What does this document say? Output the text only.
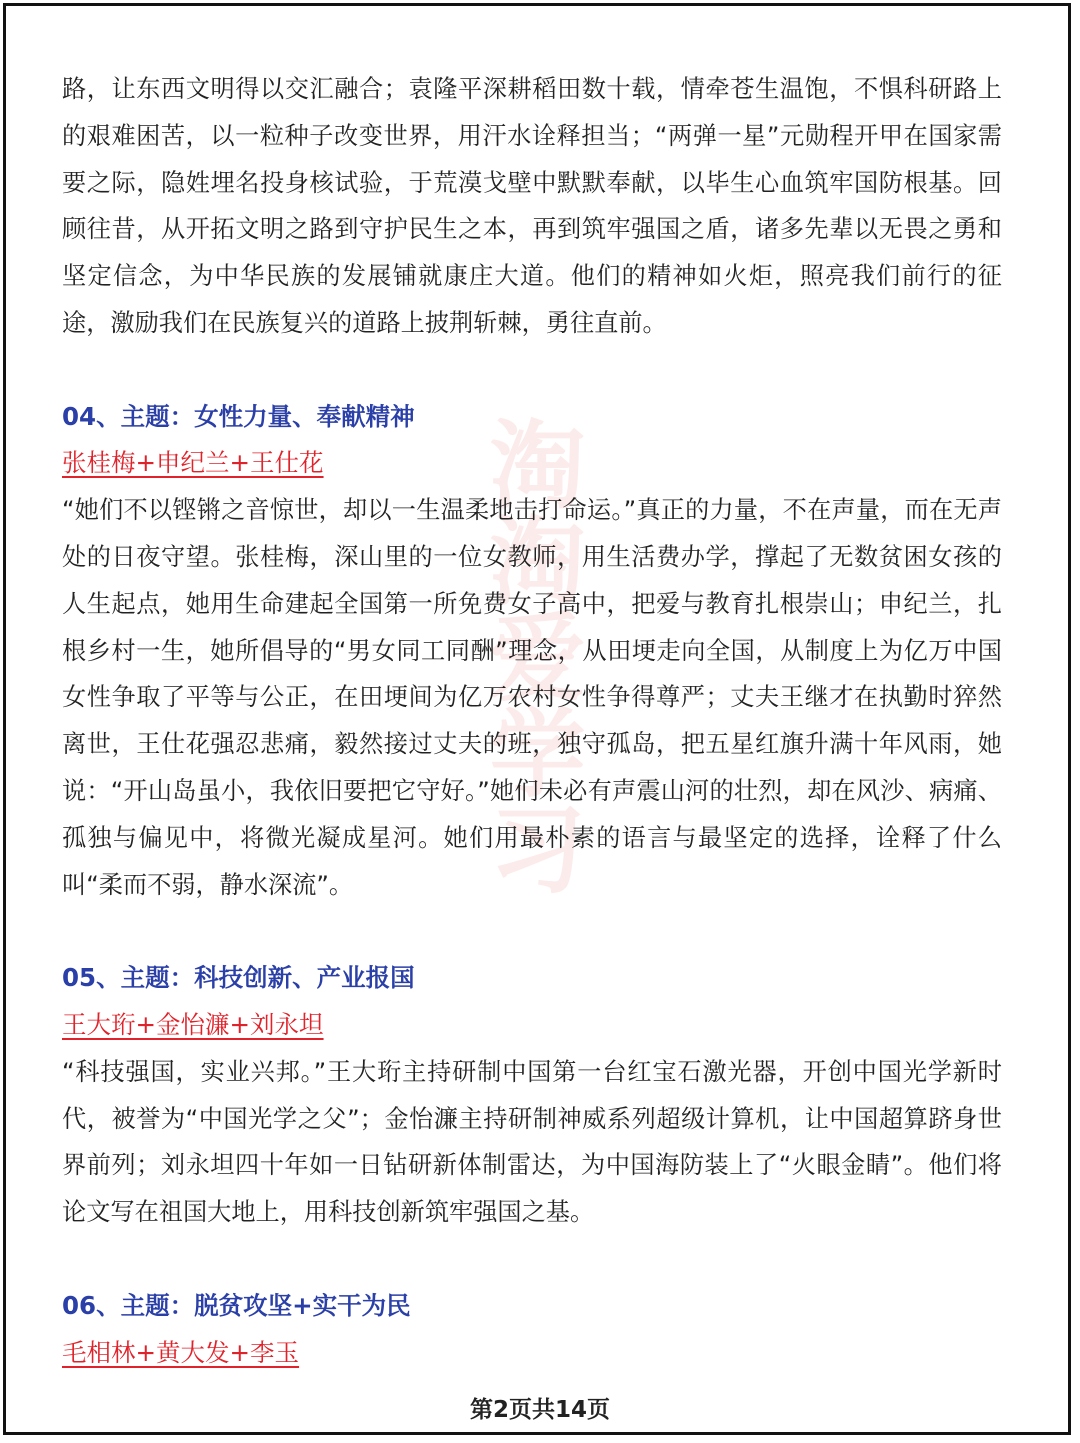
淘淘爱学习

路，让东西文明得以交汇融合；袁隆平深耕稻田数十载，情牵苍生温饱，不惧科研路上的艰难困苦，以一粒种子改变世界，用汗水诠释担当；“两弹一星”元勋程开甲在国家需要之际，隐姓埋名投身核试验，于荒漠戈壁中默默奉献，以毕生心血筑牢国防根基。回顾往昔，从开拓文明之路到守护民生之本，再到筑牢强国之盾，诸多先辈以无畏之勇和坚定信念，为中华民族的发展铺就康庄大道。他们的精神如火炬，照亮我们前行的征途，激励我们在民族复兴的道路上披荆斩棘，勇往直前。

04、主题：女性力量、奉献精神

张桂梅+申纪兰+王仕花

“她们不以铿锵之音惊世，却以一生温柔地击打命运。”真正的力量，不在声量，而在无声处的日夜守望。张桂梅，深山里的一位女教师，用生活费办学，撑起了无数贫困女孩的人生起点，她用生命建起全国第一所免费女子高中，把爱与教育扎根崇山；申纪兰，扎根乡村一生，她所倡导的“男女同工同酬”理念，从田埂走向全国，从制度上为亿万中国女性争取了平等与公正，在田埂间为亿万农村女性争得尊严；丈夫王继才在执勤时猝然离世，王仕花强忍悲痛，毅然接过丈夫的班，独守孤岛，把五星红旗升满十年风雨，她说：“开山岛虽小，我依旧要把它守好。”她们未必有声震山河的壮烈，却在风沙、病痛、孤独与偏见中，将微光凝成星河。她们用最朴素的语言与最坚定的选择，诠释了什么叫“柔而不弱，静水深流”。

05、主题：科技创新、产业报国

王大珩+金怡濂+刘永坦

“科技强国，实业兴邦。”王大珩主持研制中国第一台红宝石激光器，开创中国光学新时代，被誉为“中国光学之父”；金怡濂主持研制神威系列超级计算机，让中国超算跻身世界前列；刘永坦四十年如一日钻研新体制雷达，为中国海防装上了“火眼金睛”。他们将论文写在祖国大地上，用科技创新筑牢强国之基。

06、主题：脱贫攻坚+实干为民

毛相林+黄大发+李玉

第2页共14页
